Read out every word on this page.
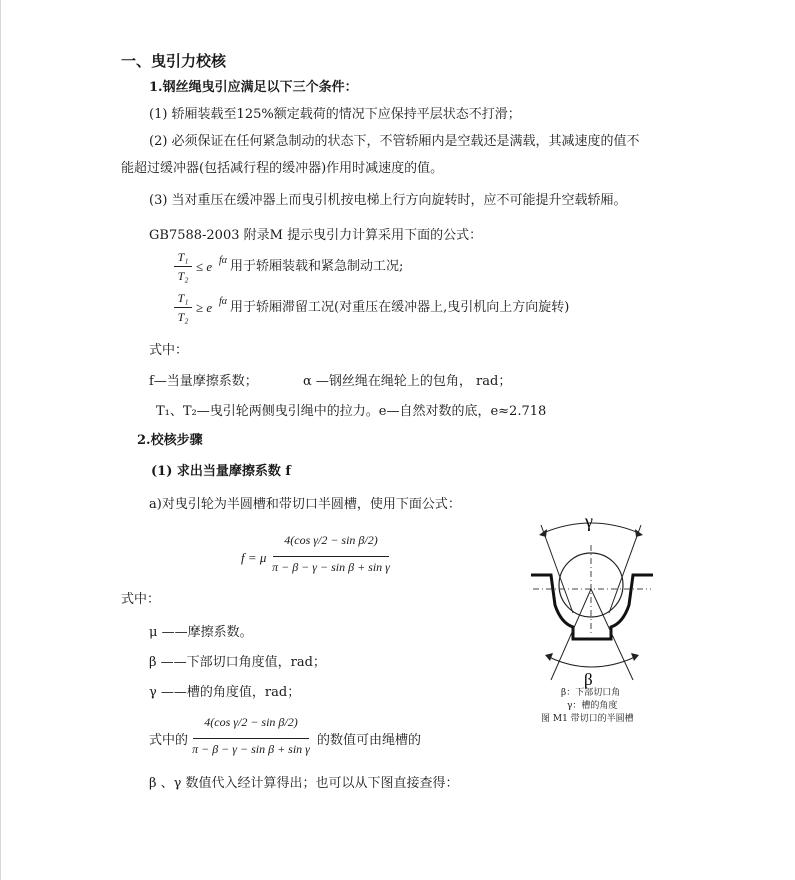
一、曳引力校核
1.钢丝绳曳引应满足以下三个条件：
(1) 轿厢装载至125%额定载荷的情况下应保持平层状态不打滑；
(2) 必须保证在任何紧急制动的状态下，不管轿厢内是空载还是满载，其减速度的值不
能超过缓冲器(包括减行程的缓冲器)作用时减速度的值。
(3) 当对重压在缓冲器上而曳引机按电梯上行方向旋转时，应不可能提升空载轿厢。
GB7588-2003 附录M 提示曳引力计算采用下面的公式：
T₁
T₂
≤ e fα 用于轿厢装载和紧急制动工况;
T₁
T₂
≥ e fα 用于轿厢滞留工况(对重压在缓冲器上,曳引机向上方向旋转)
式中：
f—当量摩擦系数；	α —钢丝绳在绳轮上的包角， rad；
T₁、T₂—曳引轮两侧曳引绳中的拉力。e—自然对数的底，e≈2.718
2.校核步骤
(1) 求出当量摩擦系数 f
a)对曳引轮为半圆槽和带切口半圆槽，使用下面公式：
f = μ
4(cos γ/2 − sin β/2)
π − β − γ − sin β + sin γ
式中：
μ ——摩擦系数。
β ——下部切口角度值，rad；
γ ——槽的角度值，rad；
式中的
4(cos γ/2 − sin β/2)
π − β − γ − sin β + sin γ
的数值可由绳槽的
β 、γ 数值代入经计算得出；也可以从下图直接查得：
γ
β
β：下部切口角
γ：槽的角度
图 M1 带切口的半圆槽
